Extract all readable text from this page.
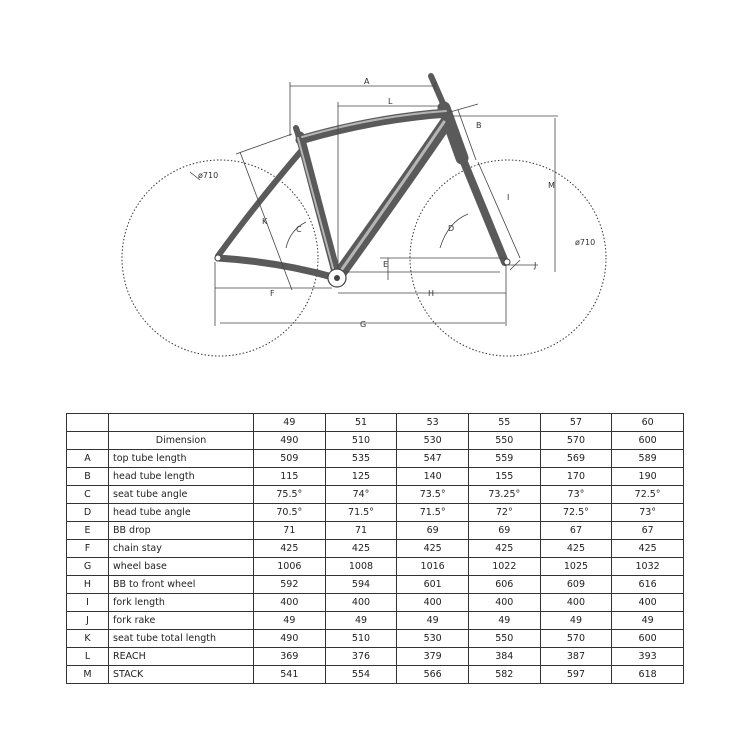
ø710
ø710
A
L
B
M
I
J
D
C
K
E
F	H
G
		49	51	53	55	57	60
	Dimension	490	510	530	550	570	600
A	top tube length	509	535	547	559	569	589
B	head tube length	115	125	140	155	170	190
C	seat tube angle	75.5°	74°	73.5°	73.25°	73°	72.5°
D	head tube angle	70.5°	71.5°	71.5°	72°	72.5°	73°
E	BB drop	71	71	69	69	67	67
F	chain stay	425	425	425	425	425	425
G	wheel base	1006	1008	1016	1022	1025	1032
H	BB to front wheel	592	594	601	606	609	616
I	fork length	400	400	400	400	400	400
J	fork rake	49	49	49	49	49	49
K	seat tube total length	490	510	530	550	570	600
L	REACH	369	376	379	384	387	393
M	STACK	541	554	566	582	597	618
